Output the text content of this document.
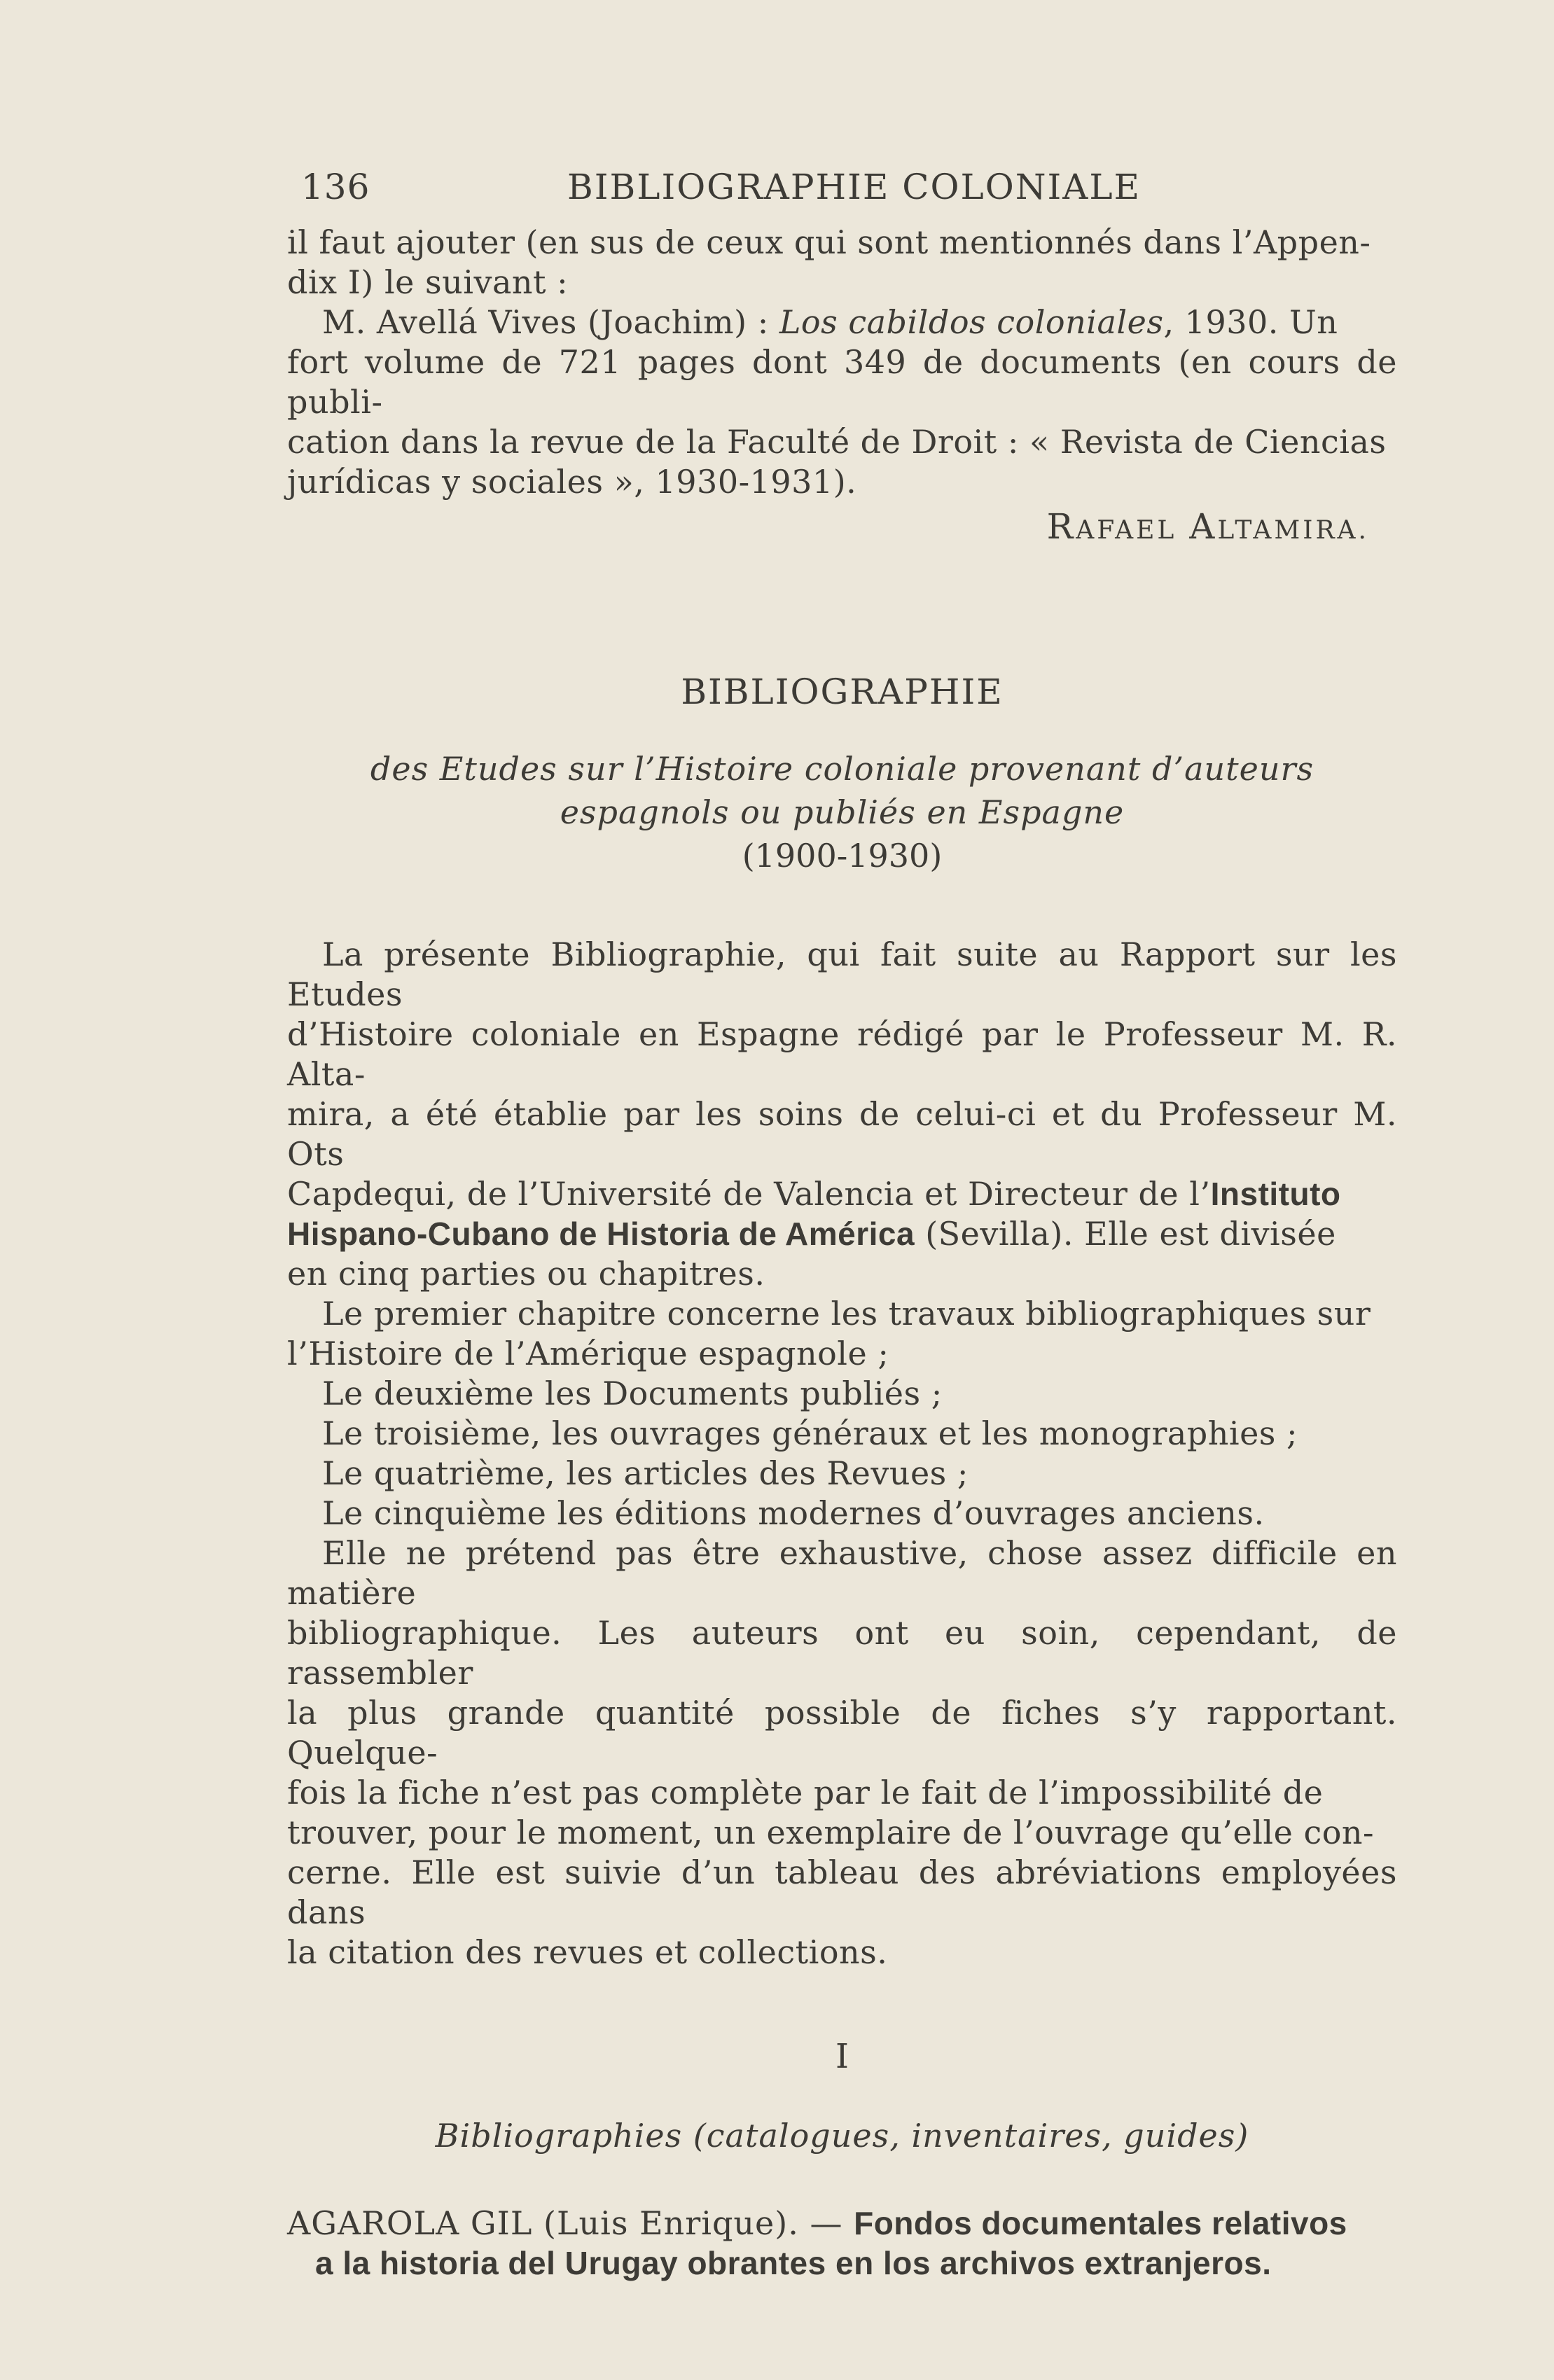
136	BIBLIOGRAPHIE COLONIALE

il faut ajouter (en sus de ceux qui sont mentionnés dans l’Appen-

dix I) le suivant :

M. Avellá Vives (Joachim) : Los cabildos coloniales, 1930. Un

fort volume de 721 pages dont 349 de documents (en cours de publi-

cation dans la revue de la Faculté de Droit : « Revista de Ciencias

jurídicas y sociales », 1930-1931).

RAFAEL ALTAMIRA.
BIBLIOGRAPHIE
des Etudes sur l’Histoire coloniale provenant d’auteurs
espagnols ou publiés en Espagne
(1900-1930)

La présente Bibliographie, qui fait suite au Rapport sur les Etudes

d’Histoire coloniale en Espagne rédigé par le Professeur M. R. Alta-

mira, a été établie par les soins de celui-ci et du Professeur M. Ots

Capdequi, de l’Université de Valencia et Directeur de l’Instituto

Hispano-Cubano de Historia de América (Sevilla). Elle est divisée

en cinq parties ou chapitres.

Le premier chapitre concerne les travaux bibliographiques sur

l’Histoire de l’Amérique espagnole ;

Le deuxième les Documents publiés ;

Le troisième, les ouvrages généraux et les monographies ;

Le quatrième, les articles des Revues ;

Le cinquième les éditions modernes d’ouvrages anciens.

Elle ne prétend pas être exhaustive, chose assez difficile en matière

bibliographique. Les auteurs ont eu soin, cependant, de rassembler

la plus grande quantité possible de fiches s’y rapportant. Quelque-

fois la fiche n’est pas complète par le fait de l’impossibilité de

trouver, pour le moment, un exemplaire de l’ouvrage qu’elle con-

cerne. Elle est suivie d’un tableau des abréviations employées dans

la citation des revues et collections.

I
Bibliographies (catalogues, inventaires, guides)

AGAROLA GIL (Luis Enrique). — Fondos documentales relativos

a la historia del Urugay obrantes en los archivos extranjeros.
